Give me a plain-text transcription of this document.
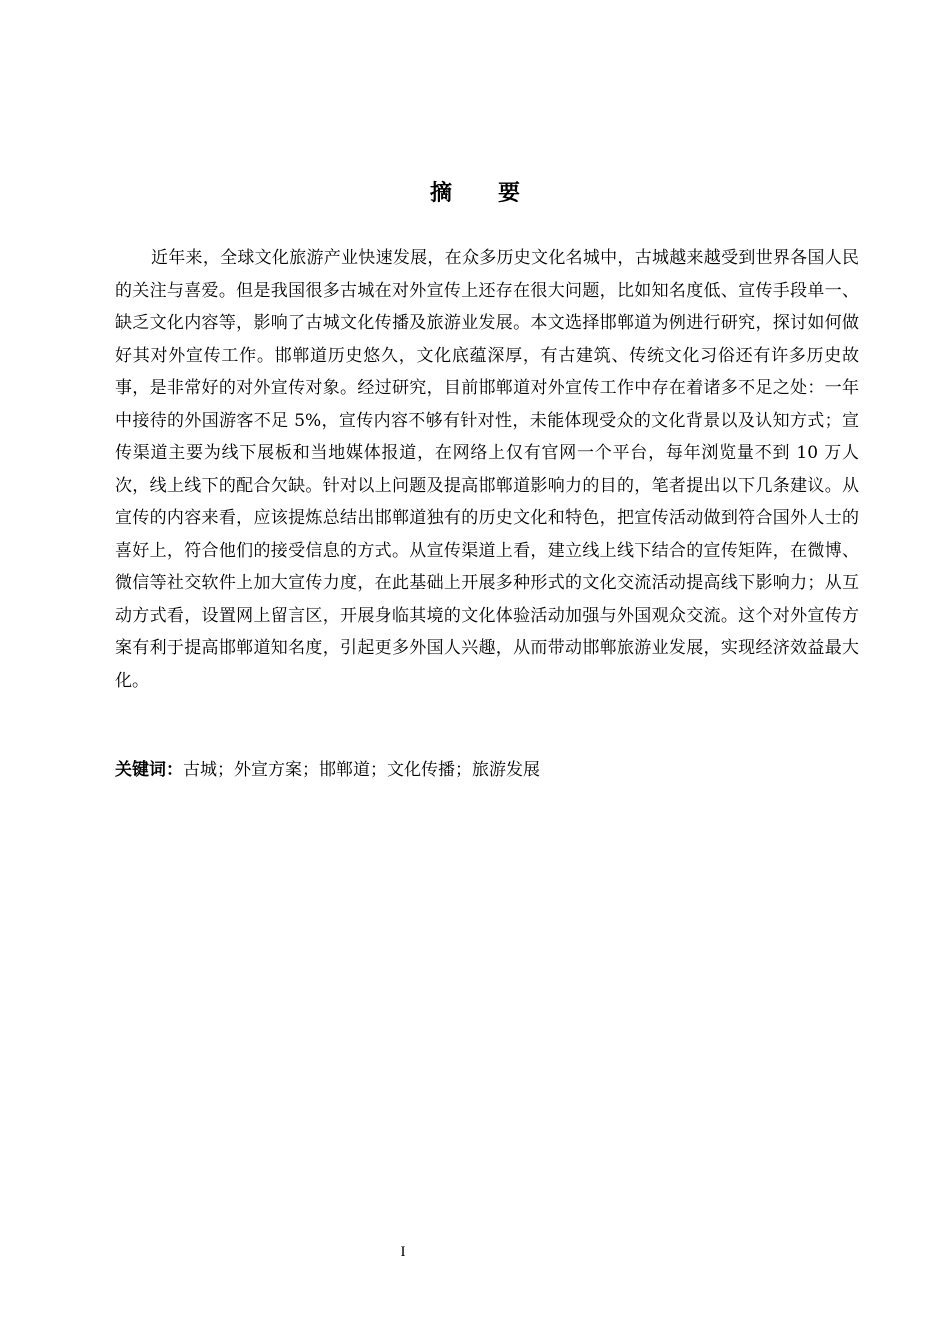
摘要

近年来，全球文化旅游产业快速发展，在众多历史文化名城中，古城越来越受到世界各国人民的关注与喜爱。但是我国很多古城在对外宣传上还存在很大问题，比如知名度低、宣传手段单一、缺乏文化内容等，影响了古城文化传播及旅游业发展。本文选择邯郸道为例进行研究，探讨如何做好其对外宣传工作。邯郸道历史悠久，文化底蕴深厚，有古建筑、传统文化习俗还有许多历史故事，是非常好的对外宣传对象。经过研究，目前邯郸道对外宣传工作中存在着诸多不足之处：一年中接待的外国游客不足 5%，宣传内容不够有针对性，未能体现受众的文化背景以及认知方式；宣传渠道主要为线下展板和当地媒体报道，在网络上仅有官网一个平台，每年浏览量不到 10 万人次，线上线下的配合欠缺。针对以上问题及提高邯郸道影响力的目的，笔者提出以下几条建议。从宣传的内容来看，应该提炼总结出邯郸道独有的历史文化和特色，把宣传活动做到符合国外人士的喜好上，符合他们的接受信息的方式。从宣传渠道上看，建立线上线下结合的宣传矩阵，在微博、微信等社交软件上加大宣传力度，在此基础上开展多种形式的文化交流活动提高线下影响力；从互动方式看，设置网上留言区，开展身临其境的文化体验活动加强与外国观众交流。这个对外宣传方案有利于提高邯郸道知名度，引起更多外国人兴趣，从而带动邯郸旅游业发展，实现经济效益最大化。

关键词：古城；外宣方案；邯郸道；文化传播；旅游发展
I
